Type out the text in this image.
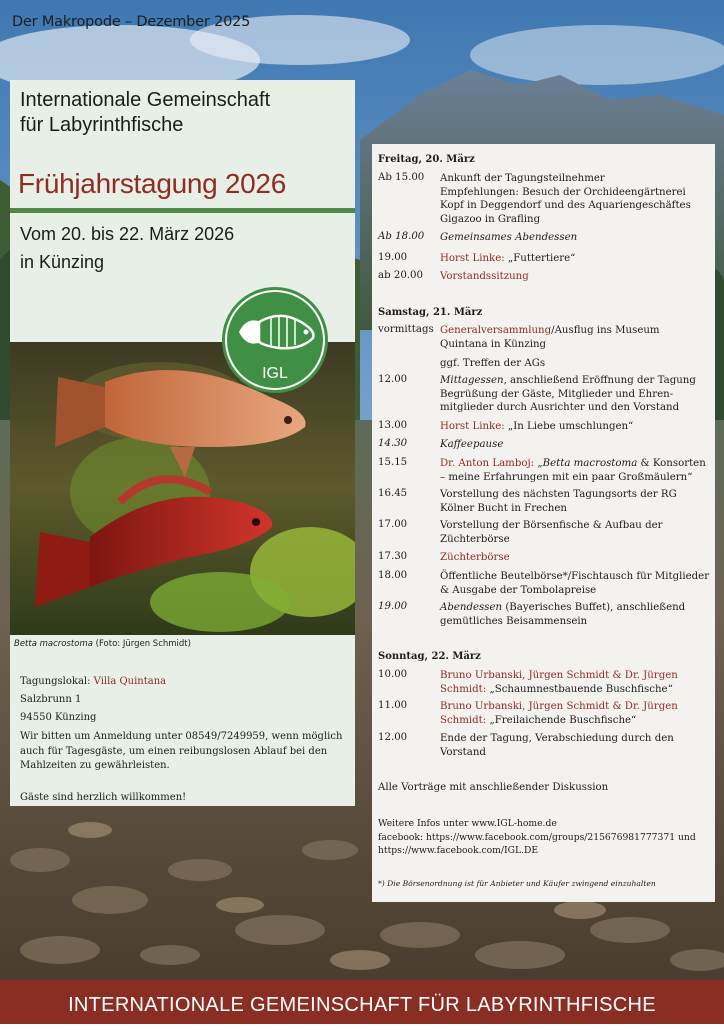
Der Makropode – Dezember 2025
Internationale Gemeinschaft
für Labyrinthfische
Frühjahrstagung 2026
Vom 20. bis 22. März 2026
in Künzing
IGL
Betta macrostoma (Foto: Jürgen Schmidt)
Tagungslokal: Villa Quintana
Salzbrunn 1
94550 Künzing
Wir bitten um Anmeldung unter 08549/7249959, wenn möglich auch für Tagesgäste, um einen reibungslosen Ablauf bei den Mahlzeiten zu gewährleisten.
Gäste sind herzlich willkommen!
Freitag, 20. März
Ab 15.00	Ankunft der Tagungsteilnehmer
Empfehlungen: Besuch der Orchideengärtnerei Kopf in Deggendorf und des Aquariengeschäftes Gigazoo in Grafling
Ab 18.00	Gemeinsames Abendessen
19.00	Horst Linke: „Futtertiere“
ab 20.00	Vorstandssitzung
Samstag, 21. März
vormittags Generalversammlung/Ausflug ins Museum Quintana in Künzing
ggf. Treffen der AGs
12.00	Mittagessen, anschließend Eröffnung der Tagung Begrüßung der Gäste, Mitglieder und Ehrenmitglieder durch Ausrichter und den Vorstand
13.00	Horst Linke: „In Liebe umschlungen“
14.30	Kaffeepause
15.15	Dr. Anton Lamboj: „Betta macrostoma & Konsorten – meine Erfahrungen mit ein paar Großmäulern“
16.45	Vorstellung des nächsten Tagungsorts der RG Kölner Bucht in Frechen
17.00	Vorstellung der Börsenfische & Aufbau der Züchterbörse
17.30	Züchterbörse
18.00	Öffentliche Beutelbörse*/Fischtausch für Mitglieder & Ausgabe der Tombolapreise
19.00	Abendessen (Bayerisches Buffet), anschließend gemütliches Beisammensein
Sonntag, 22. März
10.00	Bruno Urbanski, Jürgen Schmidt & Dr. Jürgen Schmidt: „Schaumnestbauende Buschfische“
11.00	Bruno Urbanski, Jürgen Schmidt & Dr. Jürgen Schmidt: „Freilaichende Buschfische“
12.00	Ende der Tagung, Verabschiedung durch den Vorstand
Alle Vorträge mit anschließender Diskussion
Weitere Infos unter www.IGL-home.de
facebook: https://www.facebook.com/groups/215676981777371 und
https://www.facebook.com/IGL.DE
*) Die Börsenordnung ist für Anbieter und Käufer zwingend einzuhalten
INTERNATIONALE GEMEINSCHAFT FÜR LABYRINTHFISCHE
